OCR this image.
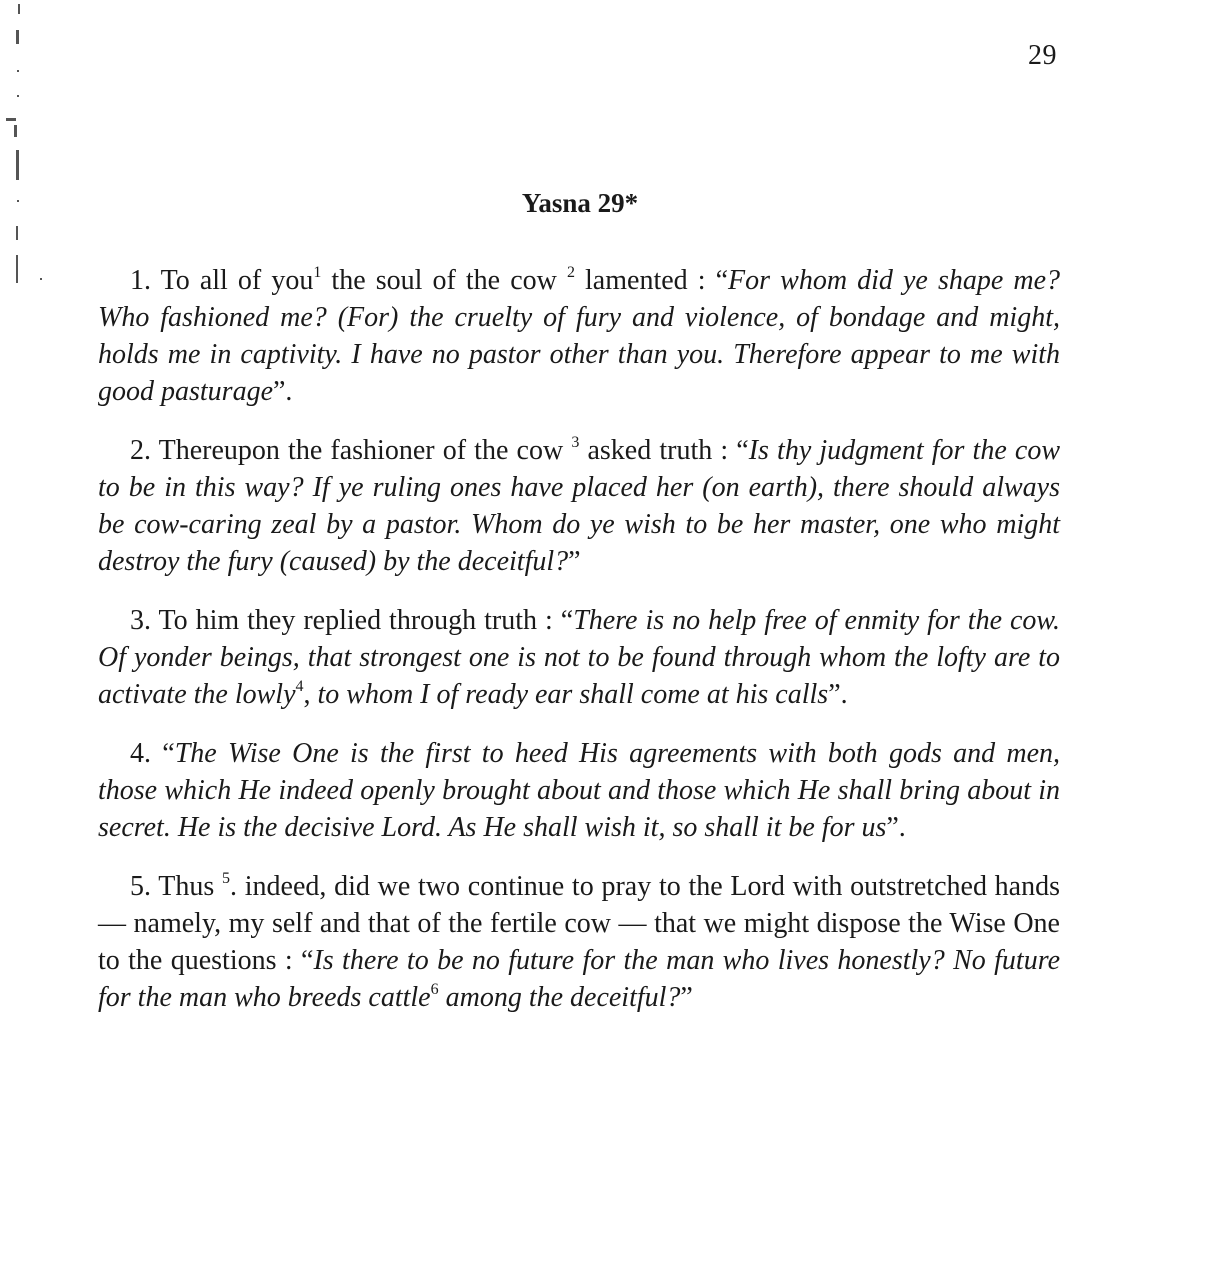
29
Yasna 29*

1. To all of you$^1$ the soul of the cow $^2$ lamented : “For whom did ye shape me? Who fashioned me? (For) the cruelty of fury and violence, of bondage and might, holds me in captivity. I have no pastor other than you. Therefore appear to me with good pasturage”.

2. Thereupon the fashioner of the cow $^3$ asked truth : “Is thy judgment for the cow to be in this way? If ye ruling ones have placed her (on earth), there should always be cow-caring zeal by a pastor. Whom do ye wish to be her master, one who might destroy the fury (caused) by the deceitful?”

3. To him they replied through truth : “There is no help free of enmity for the cow. Of yonder beings, that strongest one is not to be found through whom the lofty are to activate the lowly$^4$, to whom I of ready ear shall come at his calls”.

4. “The Wise One is the first to heed His agreements with both gods and men, those which He indeed openly brought about and those which He shall bring about in secret. He is the decisive Lord. As He shall wish it, so shall it be for us”.

5. Thus $^5$. indeed, did we two continue to pray to the Lord with outstretched hands — namely, my self and that of the fertile cow — that we might dispose the Wise One to the questions : “Is there to be no future for the man who lives honestly? No future for the man who breeds cattle$^6$ among the deceitful?”
